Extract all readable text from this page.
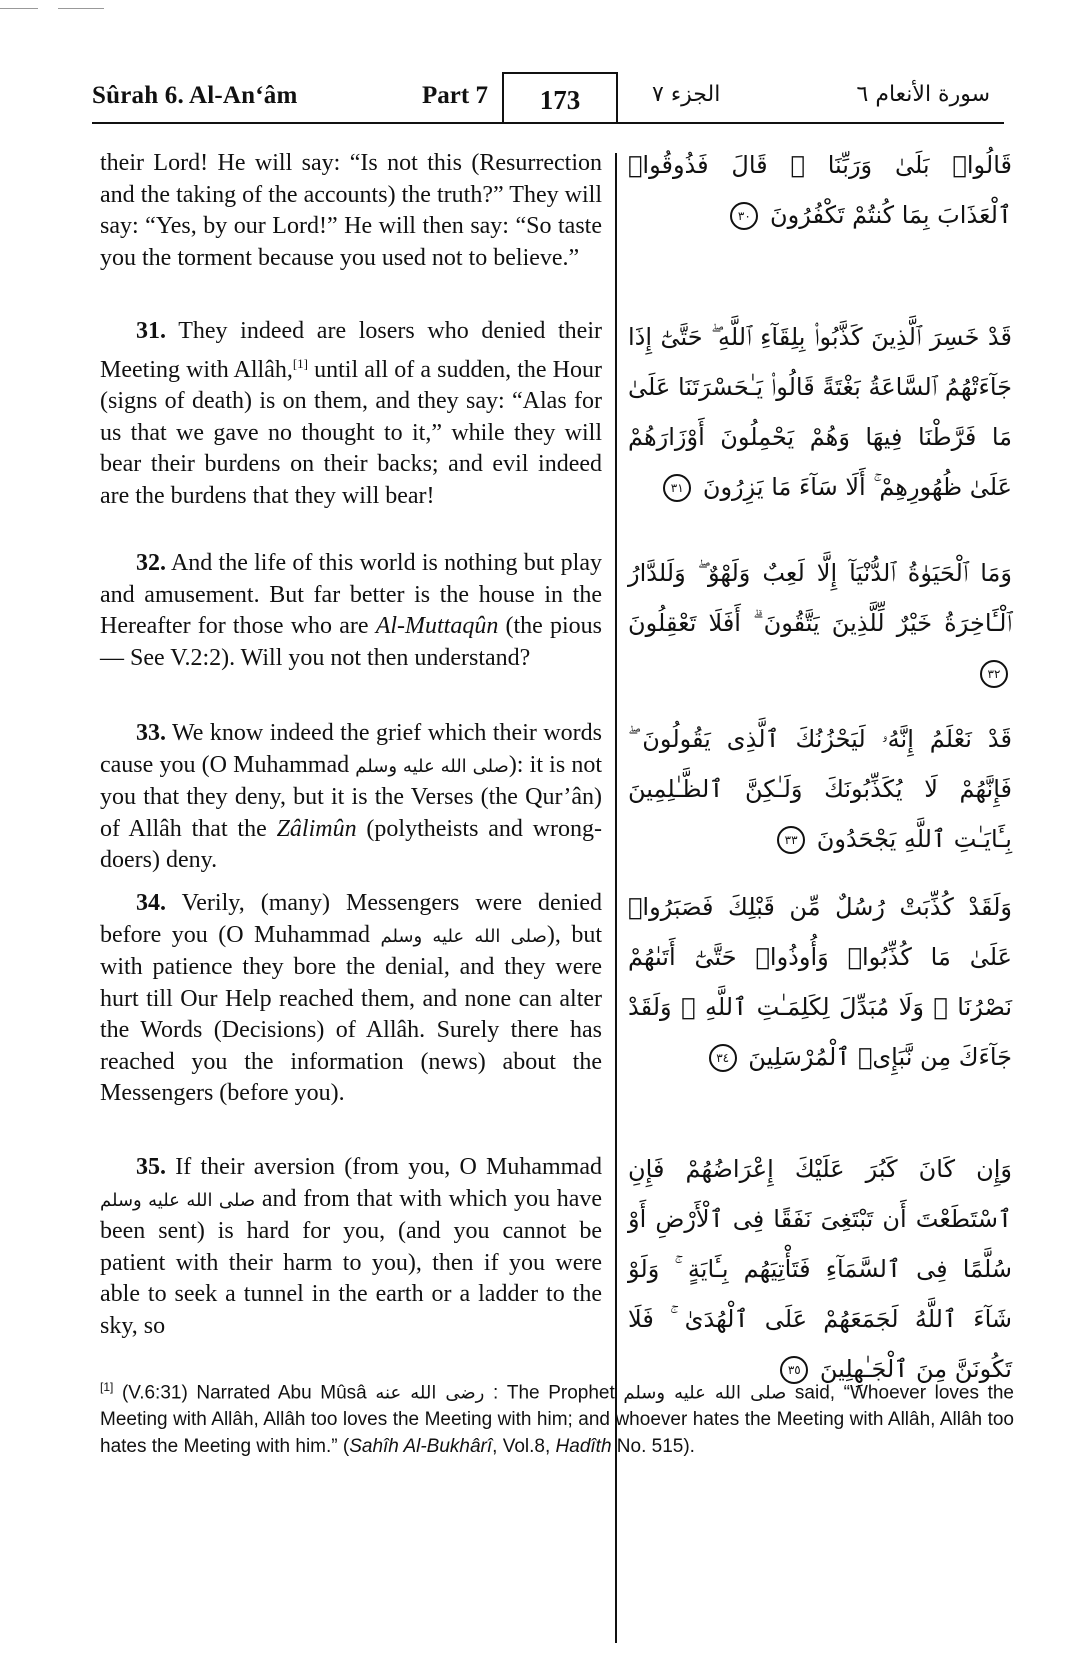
Sûrah 6. Al-An‘âm	Part 7	173	الجزء ٧	سورة الأنعام ٦
their Lord! He will say: “Is not this (Resurrection and the taking of the accounts) the truth?” They will say: “Yes, by our Lord!” He will then say: “So taste you the torment because you used not to believe.”
قَالُوا۟ بَلَىٰ وَرَبِّنَا ۚ قَالَ فَذُوقُوا۟ ٱلْعَذَابَ بِمَا كُنتُمْ تَكْفُرُونَ ٣٠
31. They indeed are losers who denied their Meeting with Allâh,[1] until all of a sudden, the Hour (signs of death) is on them, and they say: “Alas for us that we gave no thought to it,” while they will bear their burdens on their backs; and evil indeed are the burdens that they will bear!
قَدْ خَسِرَ ٱلَّذِينَ كَذَّبُوا۟ بِلِقَآءِ ٱللَّهِ ۖ حَتَّىٰٓ إِذَا جَآءَتْهُمُ ٱلسَّاعَةُ بَغْتَةً قَالُوا۟ يَـٰحَسْرَتَنَا عَلَىٰ مَا فَرَّطْنَا فِيهَا وَهُمْ يَحْمِلُونَ أَوْزَارَهُمْ عَلَىٰ ظُهُورِهِمْ ۚ أَلَا سَآءَ مَا يَزِرُونَ ٣١
32. And the life of this world is nothing but play and amusement. But far better is the house in the Hereafter for those who are Al-Muttaqûn (the pious — See V.2:2). Will you not then understand?
وَمَا ٱلْحَيَوٰةُ ٱلدُّنْيَآ إِلَّا لَعِبٌ وَلَهْوٌ ۖ وَلَلدَّارُ ٱلْـَٔاخِرَةُ خَيْرٌ لِّلَّذِينَ يَتَّقُونَ ۗ أَفَلَا تَعْقِلُونَ ٣٢
33. We know indeed the grief which their words cause you (O Muhammad صلى الله عليه وسلم): it is not you that they deny, but it is the Verses (the Qur’ân) of Allâh that the Zâlimûn (polytheists and wrong-doers) deny.
قَدْ نَعْلَمُ إِنَّهُۥ لَيَحْزُنُكَ ٱلَّذِى يَقُولُونَ ۖ فَإِنَّهُمْ لَا يُكَذِّبُونَكَ وَلَـٰكِنَّ ٱلظَّـٰلِمِينَ بِـَٔايَـٰتِ ٱللَّهِ يَجْحَدُونَ ٣٣
34. Verily, (many) Messengers were denied before you (O Muhammad صلى الله عليه وسلم), but with patience they bore the denial, and they were hurt till Our Help reached them, and none can alter the Words (Decisions) of Allâh. Surely there has reached you the information (news) about the Messengers (before you).
وَلَقَدْ كُذِّبَتْ رُسُلٌ مِّن قَبْلِكَ فَصَبَرُوا۟ عَلَىٰ مَا كُذِّبُوا۟ وَأُوذُوا۟ حَتَّىٰٓ أَتَىٰهُمْ نَصْرُنَا ۚ وَلَا مُبَدِّلَ لِكَلِمَـٰتِ ٱللَّهِ ۚ وَلَقَدْ جَآءَكَ مِن نَّبَإِى۟ ٱلْمُرْسَلِينَ ٣٤
35. If their aversion (from you, O Muhammad صلى الله عليه وسلم and from that with which you have been sent) is hard for you, (and you cannot be patient with their harm to you), then if you were able to seek a tunnel in the earth or a ladder to the sky, so
وَإِن كَانَ كَبُرَ عَلَيْكَ إِعْرَاضُهُمْ فَإِنِ ٱسْتَطَعْتَ أَن تَبْتَغِىَ نَفَقًا فِى ٱلْأَرْضِ أَوْ سُلَّمًا فِى ٱلسَّمَآءِ فَتَأْتِيَهُم بِـَٔايَةٍ ۚ وَلَوْ شَآءَ ٱللَّهُ لَجَمَعَهُمْ عَلَى ٱلْهُدَىٰ ۚ فَلَا تَكُونَنَّ مِنَ ٱلْجَـٰهِلِينَ ٣٥
[1] (V.6:31) Narrated Abu Mûsâ رضى الله عنه : The Prophet صلى الله عليه وسلم said, “Whoever loves the Meeting with Allâh, Allâh too loves the Meeting with him; and whoever hates the Meeting with Allâh, Allâh too hates the Meeting with him.” (Sahîh Al-Bukhârî, Vol.8, Hadîth No. 515).
